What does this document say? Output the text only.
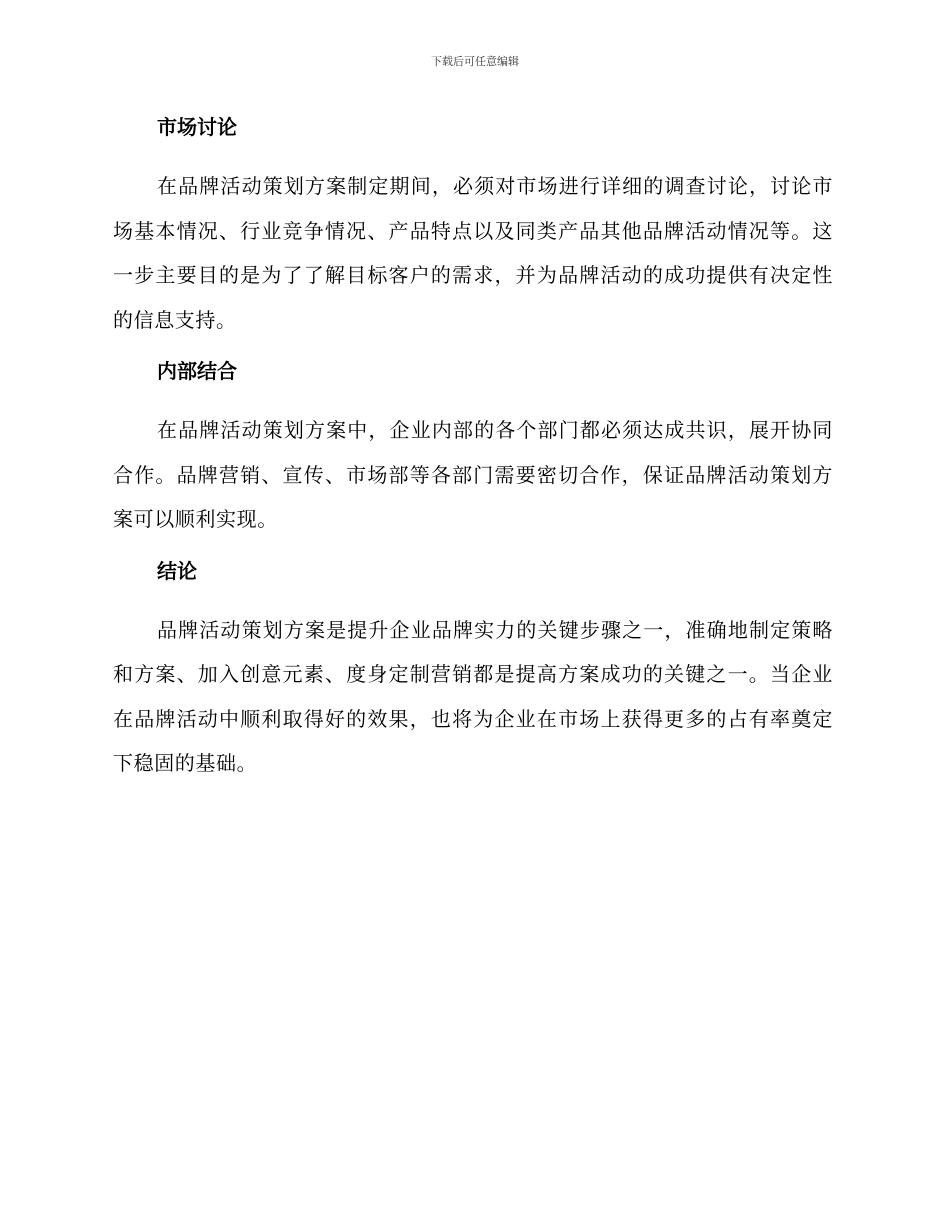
下载后可任意编辑
市场讨论

在品牌活动策划方案制定期间，必须对市场进行详细的调查讨论，讨论市场基本情况、行业竞争情况、产品特点以及同类产品其他品牌活动情况等。这一步主要目的是为了了解目标客户的需求，并为品牌活动的成功提供有决定性的信息支持。

内部结合

在品牌活动策划方案中，企业内部的各个部门都必须达成共识，展开协同合作。品牌营销、宣传、市场部等各部门需要密切合作，保证品牌活动策划方案可以顺利实现。

结论

品牌活动策划方案是提升企业品牌实力的关键步骤之一，准确地制定策略和方案、加入创意元素、度身定制营销都是提高方案成功的关键之一。当企业在品牌活动中顺利取得好的效果，也将为企业在市场上获得更多的占有率奠定下稳固的基础。
